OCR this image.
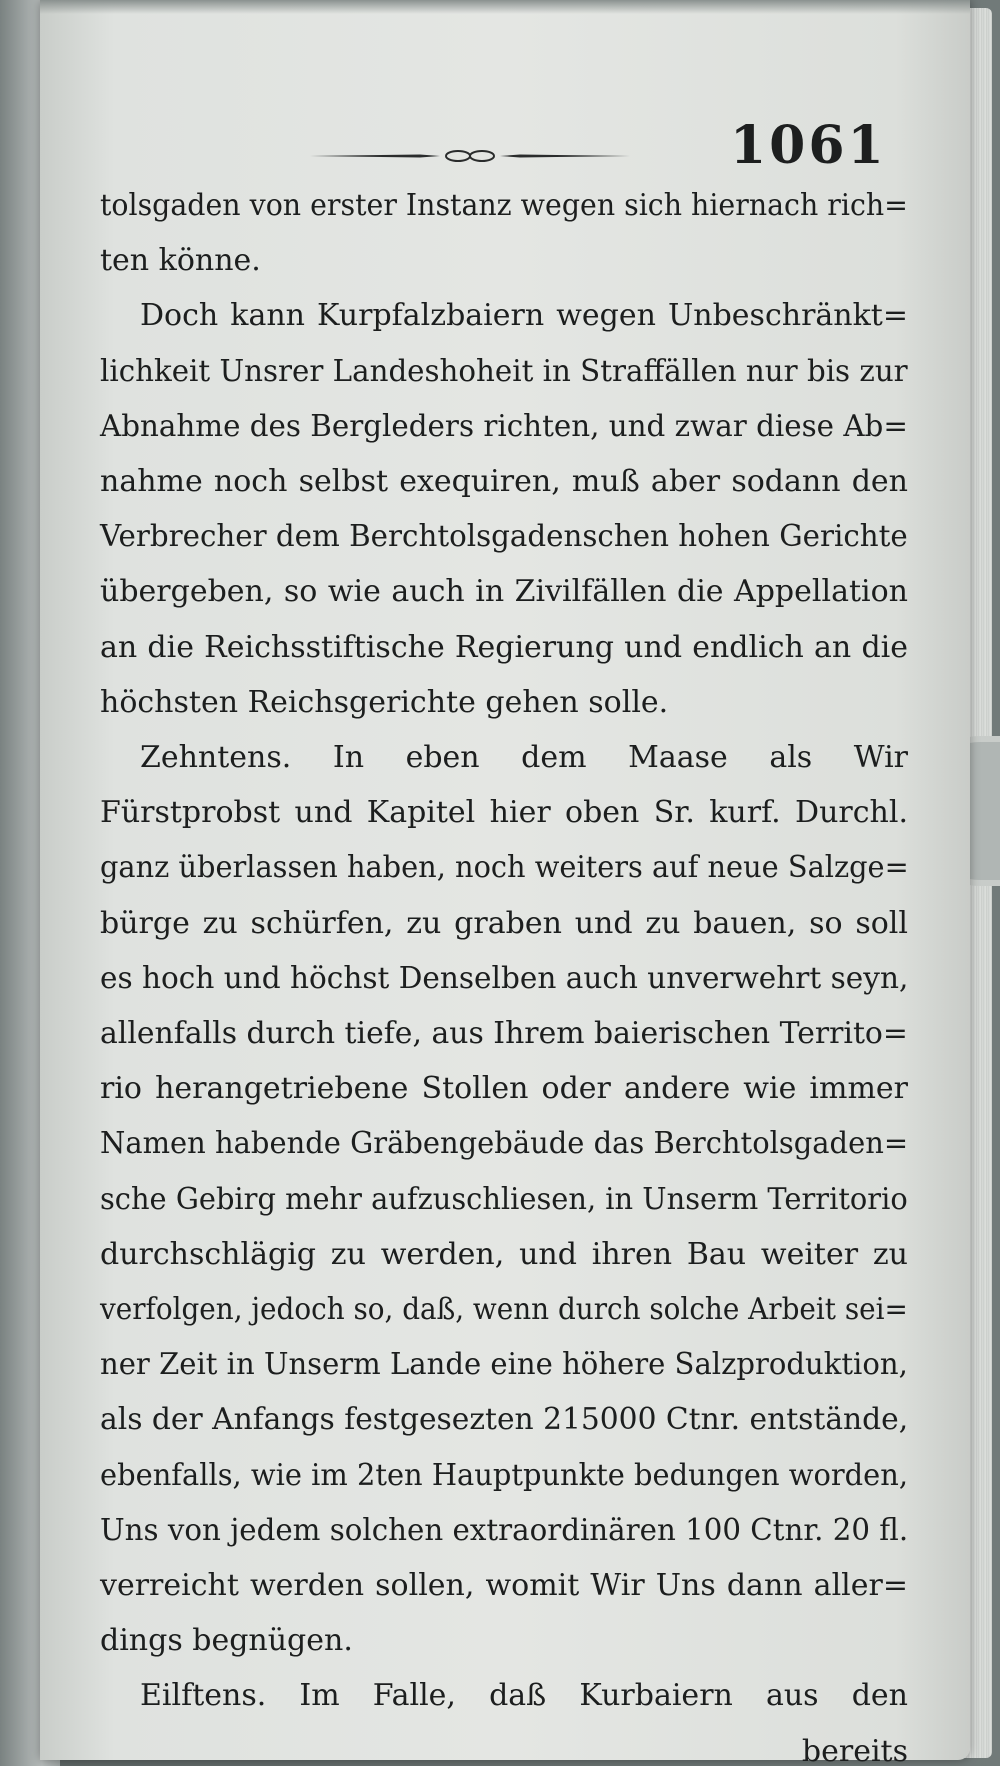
1061
tolsgaden von erster Instanz wegen sich hiernach rich=
ten könne.
Doch kann Kurpfalzbaiern wegen Unbeschränkt=
lichkeit Unsrer Landeshoheit in Straffällen nur bis zur
Abnahme des Bergleders richten, und zwar diese Ab=
nahme noch selbst exequiren, muß aber sodann den
Verbrecher dem Berchtolsgadenschen hohen Gerichte
übergeben, so wie auch in Zivilfällen die Appellation
an die Reichsstiftische Regierung und endlich an die
höchsten Reichsgerichte gehen solle.
Zehntens. In eben dem Maase als Wir
Fürstprobst und Kapitel hier oben Sr. kurf. Durchl.
ganz überlassen haben, noch weiters auf neue Salzge=
bürge zu schürfen, zu graben und zu bauen, so soll
es hoch und höchst Denselben auch unverwehrt seyn,
allenfalls durch tiefe, aus Ihrem baierischen Territo=
rio herangetriebene Stollen oder andere wie immer
Namen habende Gräbengebäude das Berchtolsgaden=
sche Gebirg mehr aufzuschliesen, in Unserm Territorio
durchschlägig zu werden, und ihren Bau weiter zu
verfolgen, jedoch so, daß, wenn durch solche Arbeit sei=
ner Zeit in Unserm Lande eine höhere Salzproduktion,
als der Anfangs festgesezten 215000 Ctnr. entstände,
ebenfalls, wie im 2ten Hauptpunkte bedungen worden,
Uns von jedem solchen extraordinären 100 Ctnr. 20 fl.
verreicht werden sollen, womit Wir Uns dann aller=
dings begnügen.
Eilftens. Im Falle, daß Kurbaiern aus den
bereits
